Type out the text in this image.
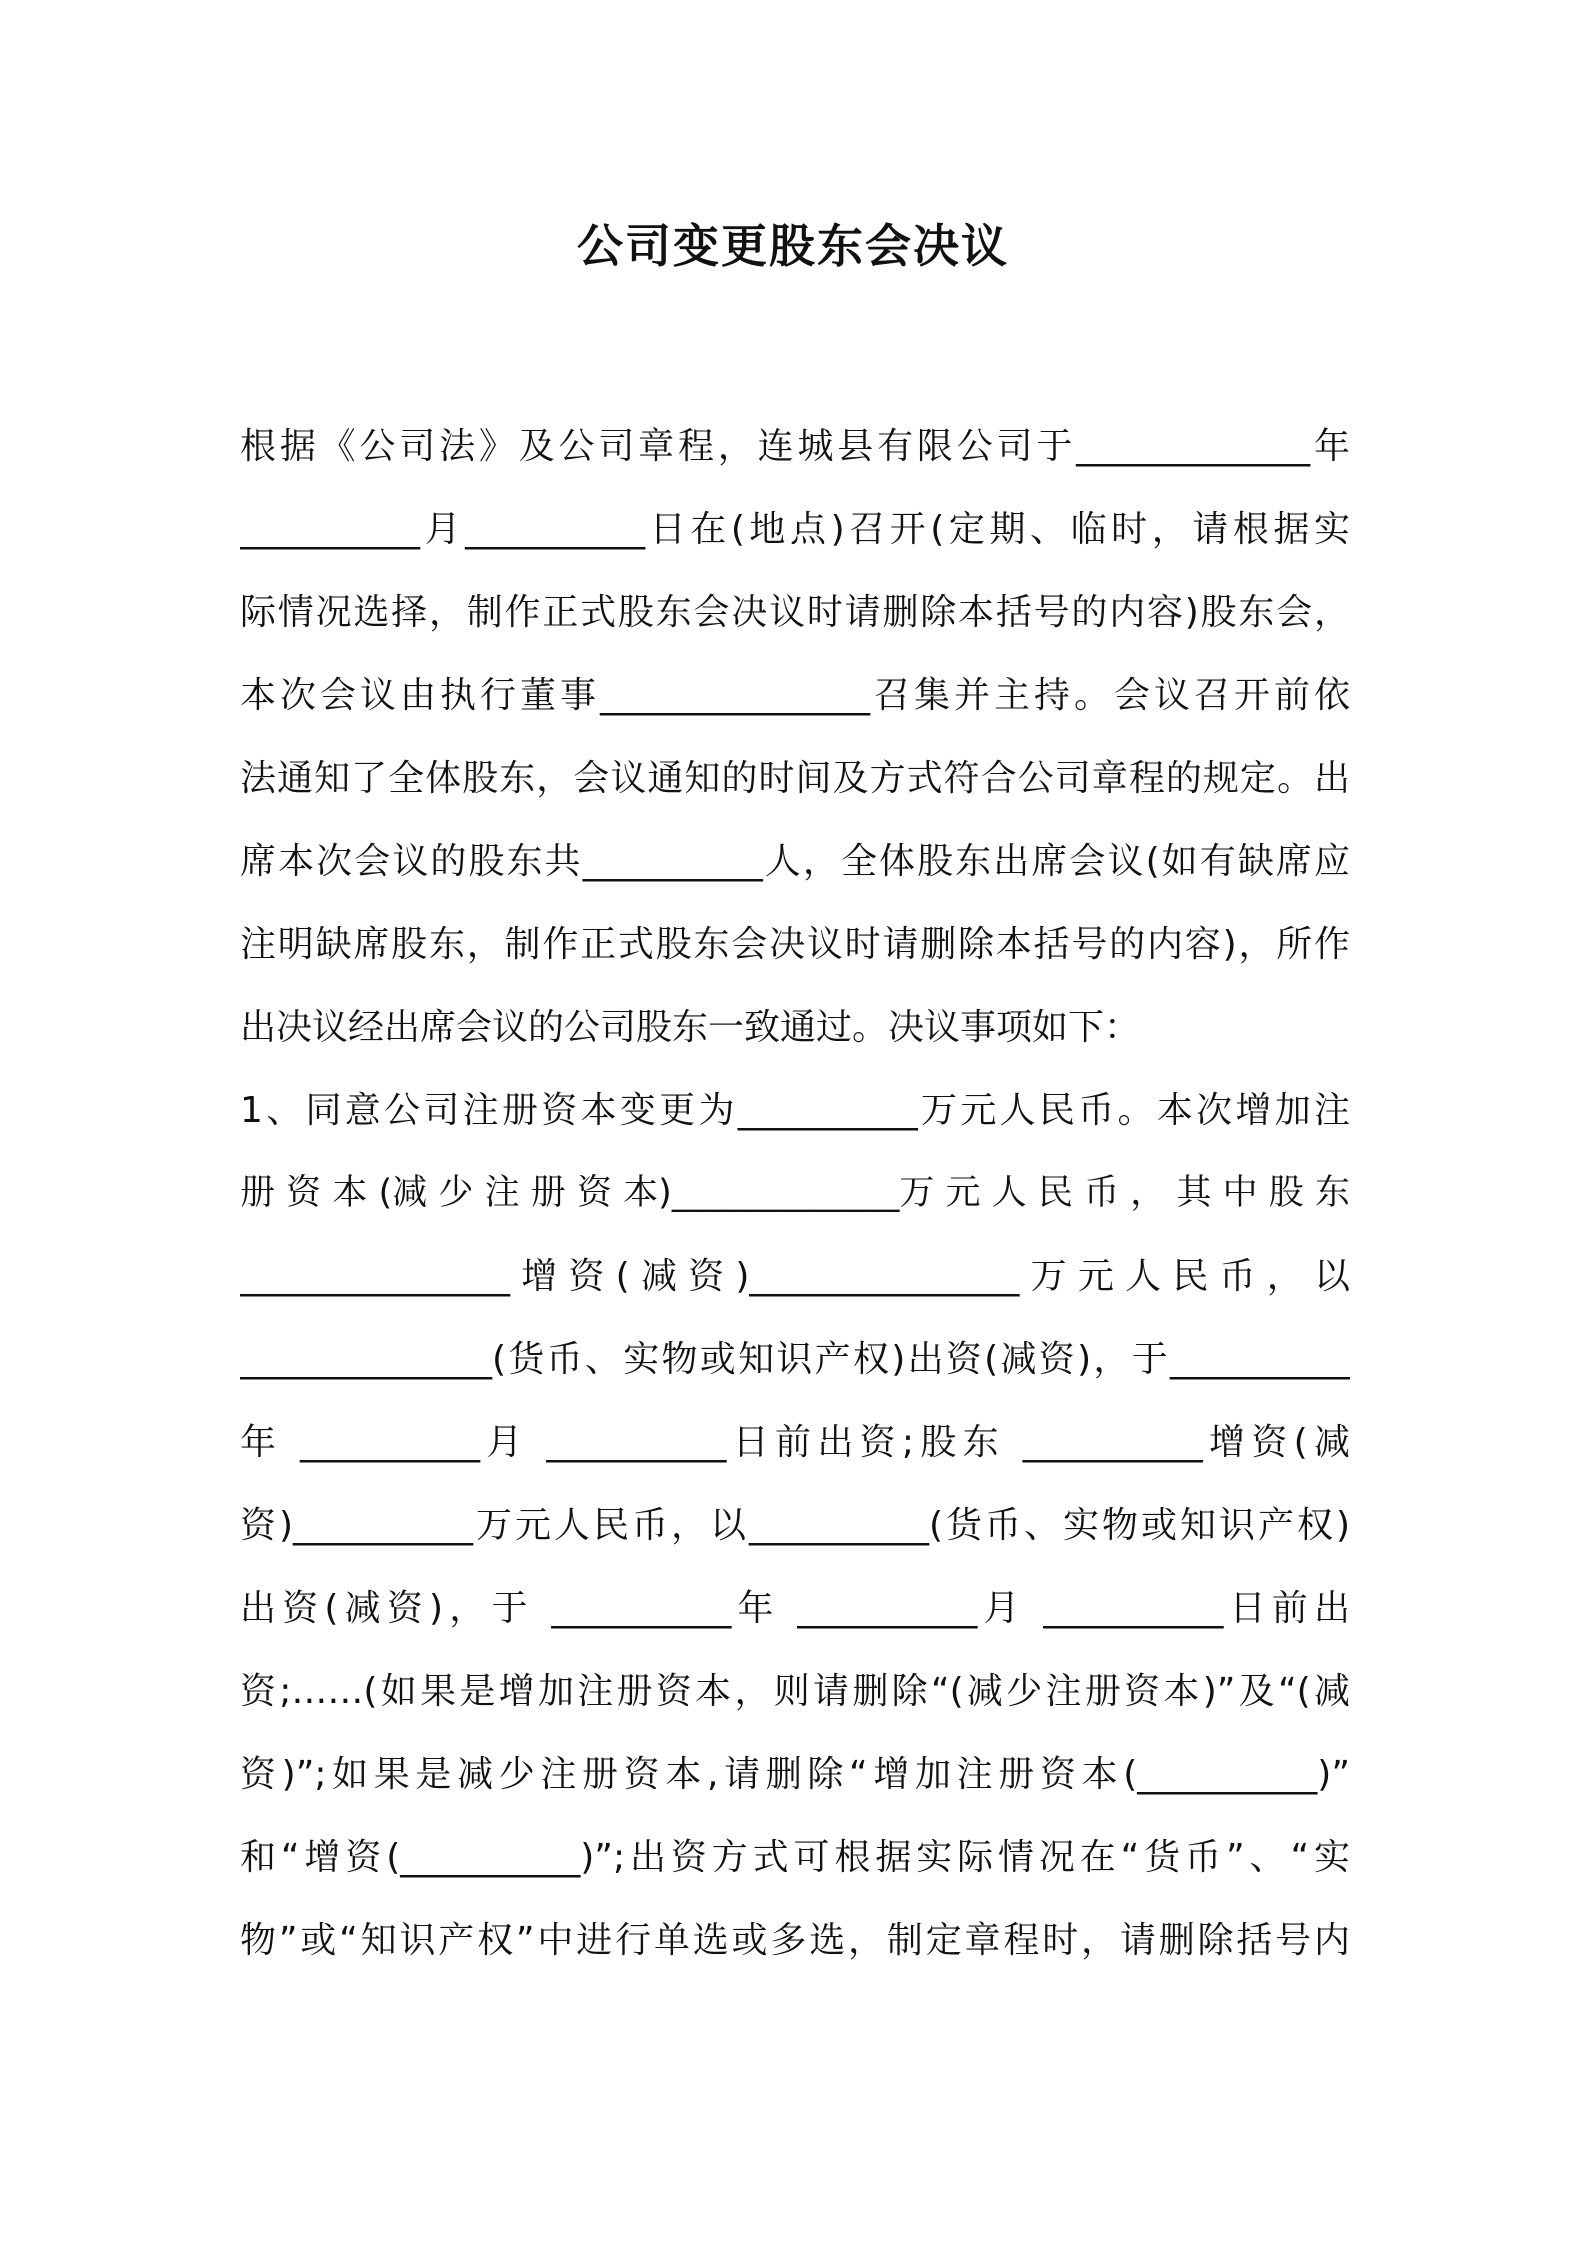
公司变更股东会决议
根据《公司法》及公司章程，连城县有限公司于_____________年
__________月__________日在(地点)召开(定期、临时，请根据实
际情况选择，制作正式股东会决议时请删除本括号的内容)股东会，
本次会议由执行董事_______________召集并主持。会议召开前依
法通知了全体股东，会议通知的时间及方式符合公司章程的规定。出
席本次会议的股东共__________人，全体股东出席会议(如有缺席应
注明缺席股东，制作正式股东会决议时请删除本括号的内容)，所作
出决议经出席会议的公司股东一致通过。决议事项如下：
1、同意公司注册资本变更为__________万元人民币。本次增加注
册 资 本 (减 少 注 册 资 本)_____________万 元 人 民 币 ， 其 中 股 东
_______________增资(减资)_______________万元人民币，以
______________(货币、实物或知识产权)出资(减资)，于__________
年 __________月 __________日前出资;股东 __________增资(减
资)__________万元人民币，以__________(货币、实物或知识产权)
出资(减资)，于 __________年 __________月 __________日前出
资;……(如果是增加注册资本，则请删除“(减少注册资本)”及“(减
资)”;如果是减少注册资本,请删除“增加注册资本(__________)”
和“增资(__________)”;出资方式可根据实际情况在“货币”、“实
物”或“知识产权”中进行单选或多选，制定章程时，请删除括号内
